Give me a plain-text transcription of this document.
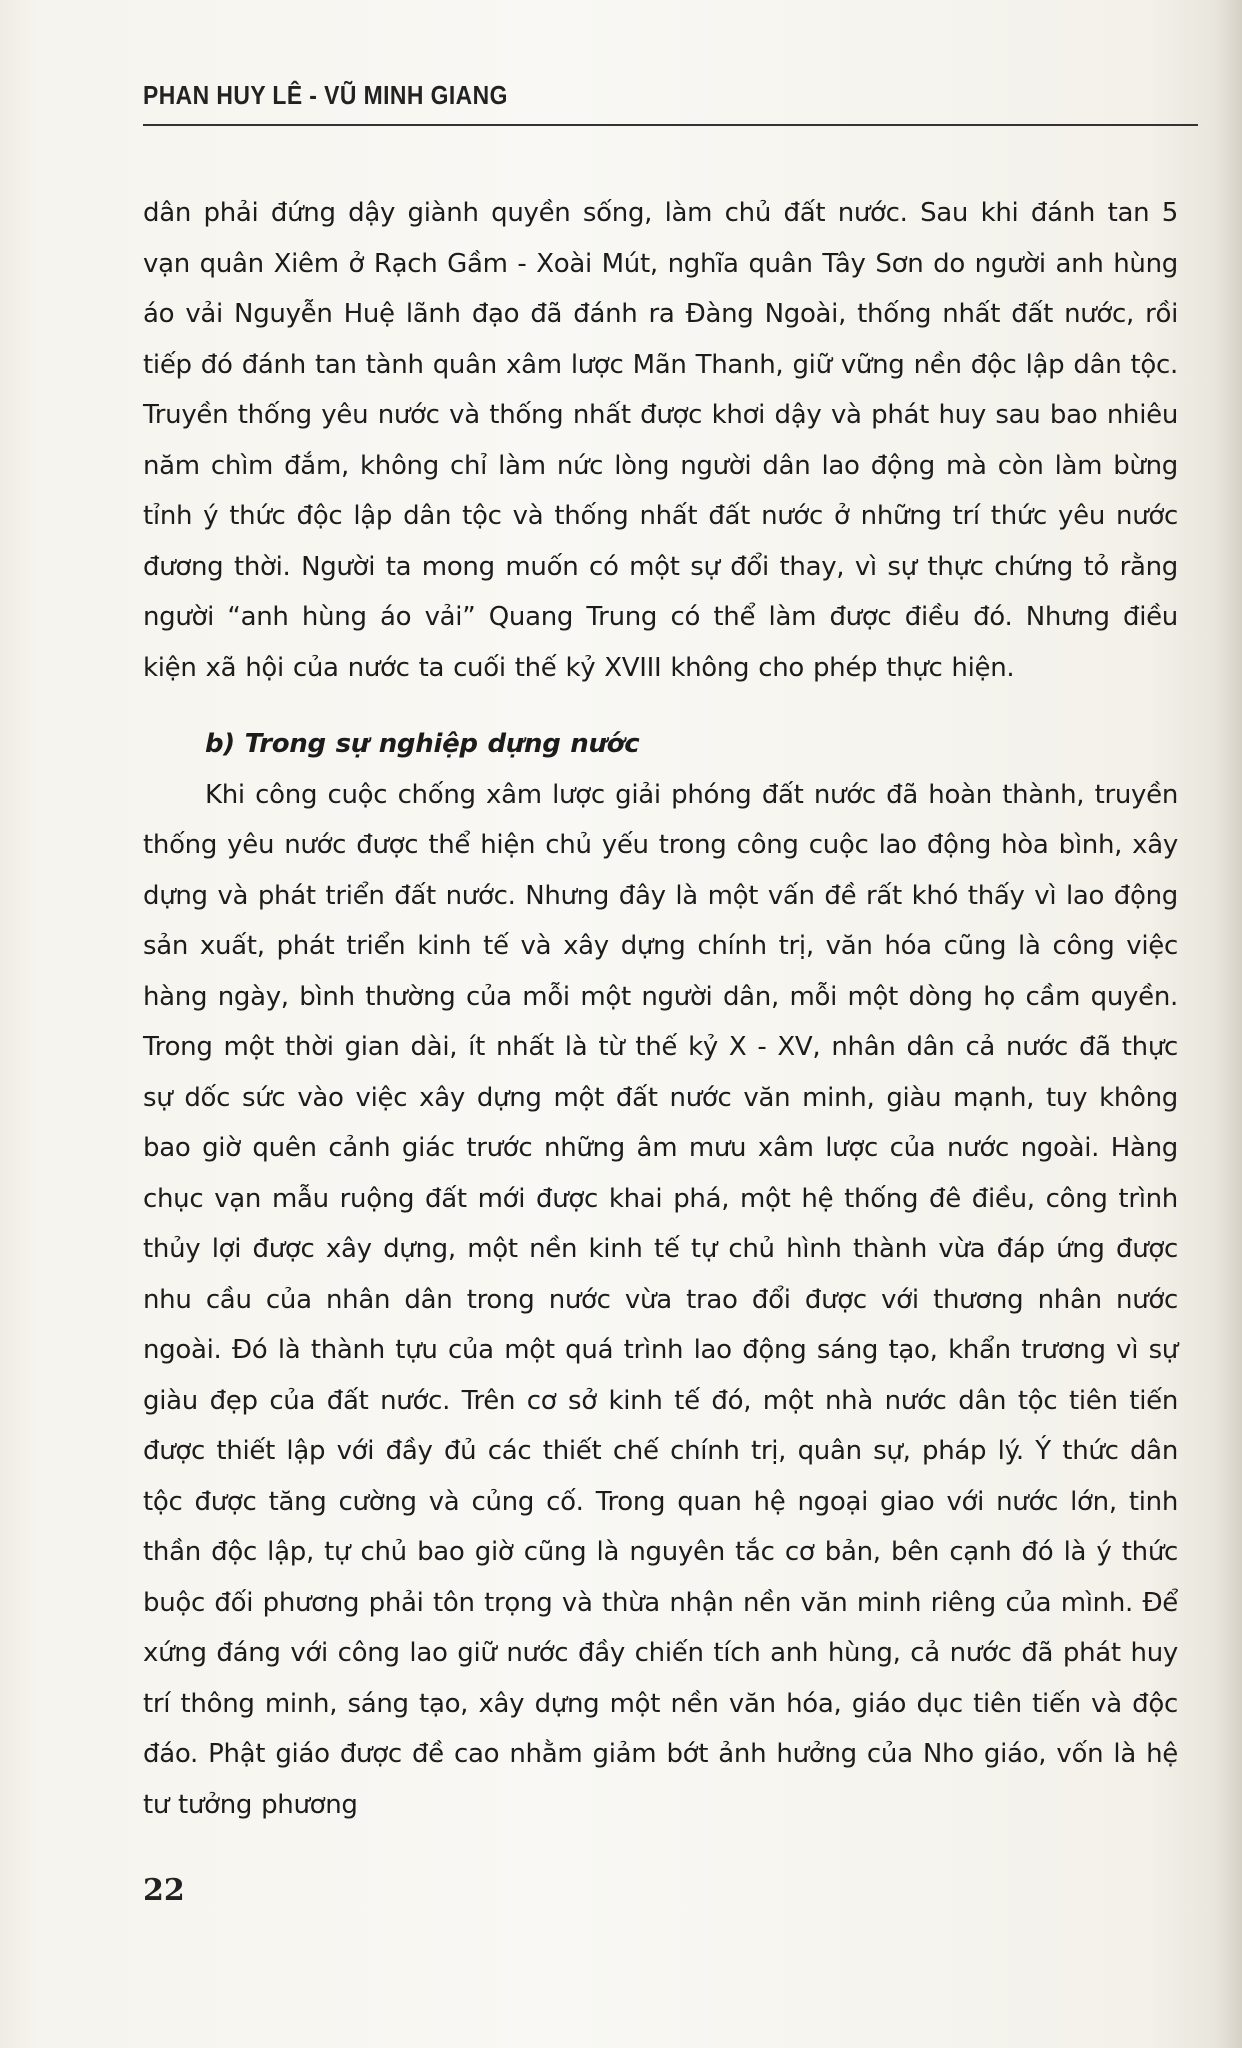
PHAN HUY LÊ - VŨ MINH GIANG

dân phải đứng dậy giành quyền sống, làm chủ đất nước. Sau khi đánh tan 5 vạn quân Xiêm ở Rạch Gầm - Xoài Mút, nghĩa quân Tây Sơn do người anh hùng áo vải Nguyễn Huệ lãnh đạo đã đánh ra Đàng Ngoài, thống nhất đất nước, rồi tiếp đó đánh tan tành quân xâm lược Mãn Thanh, giữ vững nền độc lập dân tộc. Truyền thống yêu nước và thống nhất được khơi dậy và phát huy sau bao nhiêu năm chìm đắm, không chỉ làm nức lòng người dân lao động mà còn làm bừng tỉnh ý thức độc lập dân tộc và thống nhất đất nước ở những trí thức yêu nước đương thời. Người ta mong muốn có một sự đổi thay, vì sự thực chứng tỏ rằng người “anh hùng áo vải” Quang Trung có thể làm được điều đó. Nhưng điều kiện xã hội của nước ta cuối thế kỷ XVIII không cho phép thực hiện.

b) Trong sự nghiệp dựng nước

Khi công cuộc chống xâm lược giải phóng đất nước đã hoàn thành, truyền thống yêu nước được thể hiện chủ yếu trong công cuộc lao động hòa bình, xây dựng và phát triển đất nước. Nhưng đây là một vấn đề rất khó thấy vì lao động sản xuất, phát triển kinh tế và xây dựng chính trị, văn hóa cũng là công việc hàng ngày, bình thường của mỗi một người dân, mỗi một dòng họ cầm quyền. Trong một thời gian dài, ít nhất là từ thế kỷ X - XV, nhân dân cả nước đã thực sự dốc sức vào việc xây dựng một đất nước văn minh, giàu mạnh, tuy không bao giờ quên cảnh giác trước những âm mưu xâm lược của nước ngoài. Hàng chục vạn mẫu ruộng đất mới được khai phá, một hệ thống đê điều, công trình thủy lợi được xây dựng, một nền kinh tế tự chủ hình thành vừa đáp ứng được nhu cầu của nhân dân trong nước vừa trao đổi được với thương nhân nước ngoài. Đó là thành tựu của một quá trình lao động sáng tạo, khẩn trương vì sự giàu đẹp của đất nước. Trên cơ sở kinh tế đó, một nhà nước dân tộc tiên tiến được thiết lập với đầy đủ các thiết chế chính trị, quân sự, pháp lý. Ý thức dân tộc được tăng cường và củng cố. Trong quan hệ ngoại giao với nước lớn, tinh thần độc lập, tự chủ bao giờ cũng là nguyên tắc cơ bản, bên cạnh đó là ý thức buộc đối phương phải tôn trọng và thừa nhận nền văn minh riêng của mình. Để xứng đáng với công lao giữ nước đầy chiến tích anh hùng, cả nước đã phát huy trí thông minh, sáng tạo, xây dựng một nền văn hóa, giáo dục tiên tiến và độc đáo. Phật giáo được đề cao nhằm giảm bớt ảnh hưởng của Nho giáo, vốn là hệ tư tưởng phương

22
